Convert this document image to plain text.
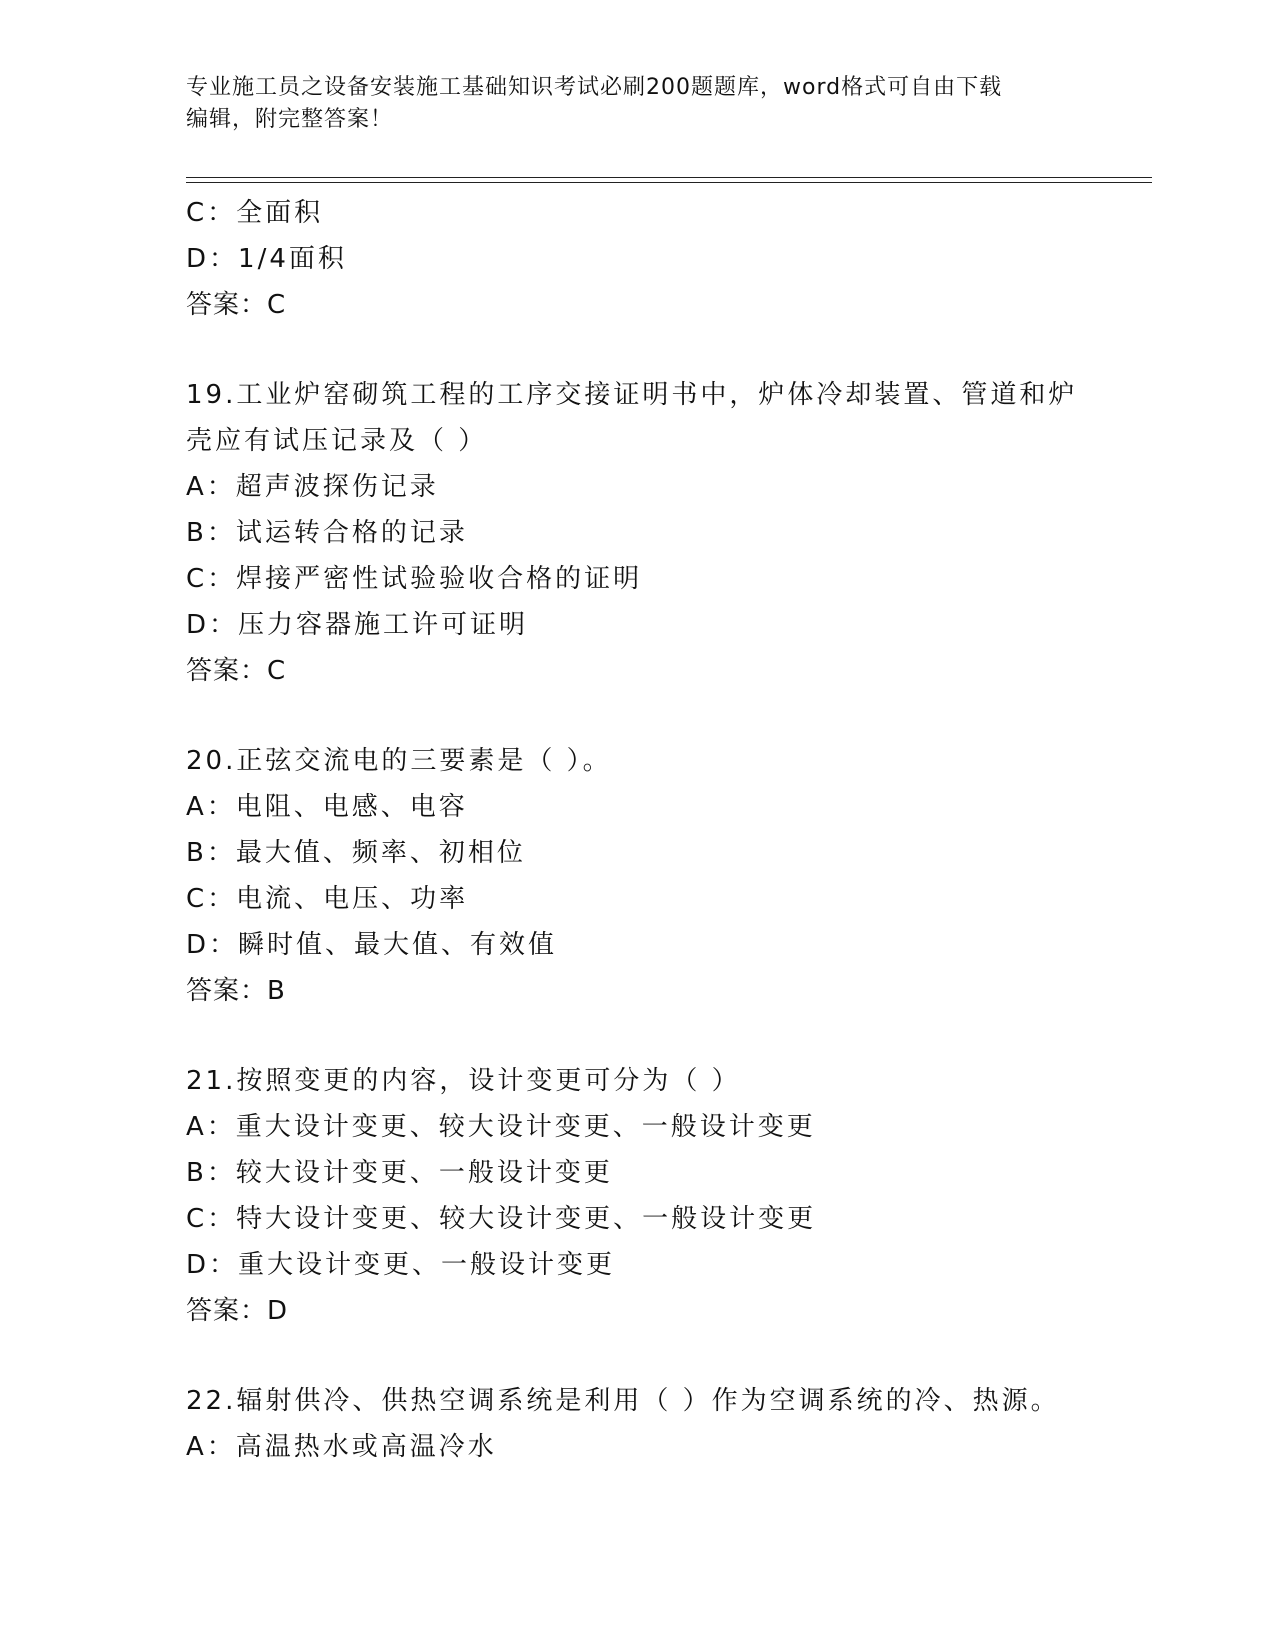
专业施工员之设备安装施工基础知识考试必刷200题题库，word格式可自由下载
编辑，附完整答案！
C：全面积
D：1/4面积
答案：C
19.工业炉窑砌筑工程的工序交接证明书中，炉体冷却装置、管道和炉
壳应有试压记录及（ ）
A：超声波探伤记录
B：试运转合格的记录
C：焊接严密性试验验收合格的证明
D：压力容器施工许可证明
答案：C
20.正弦交流电的三要素是（ ）。
A：电阻、电感、电容
B：最大值、频率、初相位
C：电流、电压、功率
D：瞬时值、最大值、有效值
答案：B
21.按照变更的内容，设计变更可分为（ ）
A：重大设计变更、较大设计变更、一般设计变更
B：较大设计变更、一般设计变更
C：特大设计变更、较大设计变更、一般设计变更
D：重大设计变更、一般设计变更
答案：D
22.辐射供冷、供热空调系统是利用（ ）作为空调系统的冷、热源。
A：高温热水或高温冷水
